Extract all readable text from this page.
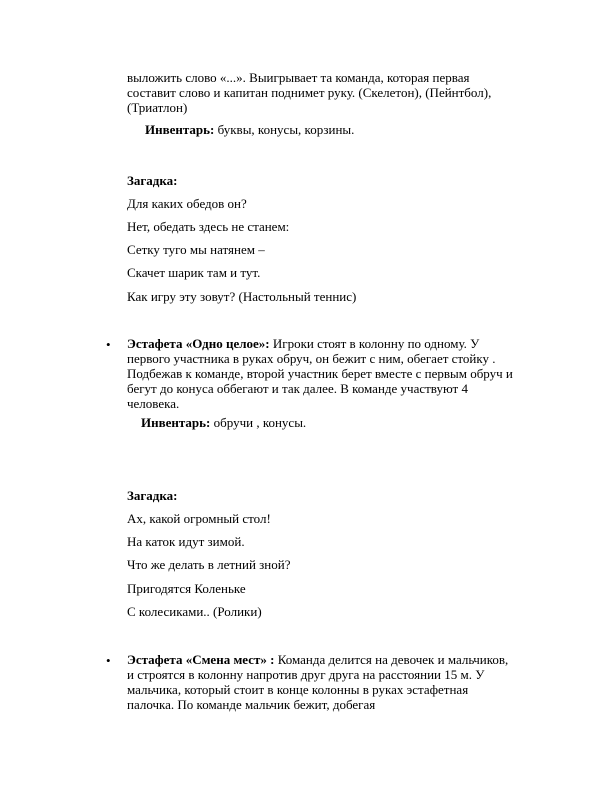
выложить слово «...». Выигрывает та команда, которая первая составит слово и капитан поднимет руку. (Скелетон), (Пейнтбол), (Триатлон)
Инвентарь: буквы, конусы, корзины.
Загадка:
Для каких обедов он?
Нет, обедать здесь не станем:
Сетку туго мы натянем –
Скачет шарик там и тут.
Как игру эту зовут? (Настольный теннис)
• Эстафета «Одно целое»: Игроки стоят в колонну по одному. У первого участника в руках обруч, он бежит с ним, обегает стойку . Подбежав к команде, второй участник берет вместе с первым обруч и бегут до конуса оббегают и так далее. В команде участвуют 4 человека.
Инвентарь: обручи , конусы.
Загадка:
Ах, какой огромный стол!
На каток идут зимой.
Что же делать в летний зной?
Пригодятся Коленьке
С колесиками.. (Ролики)
• Эстафета «Смена мест» : Команда делится на девочек и мальчиков, и строятся в колонну напротив друг друга на расстоянии 15 м. У мальчика, который стоит в конце колонны в руках эстафетная палочка. По команде мальчик бежит, добегая
